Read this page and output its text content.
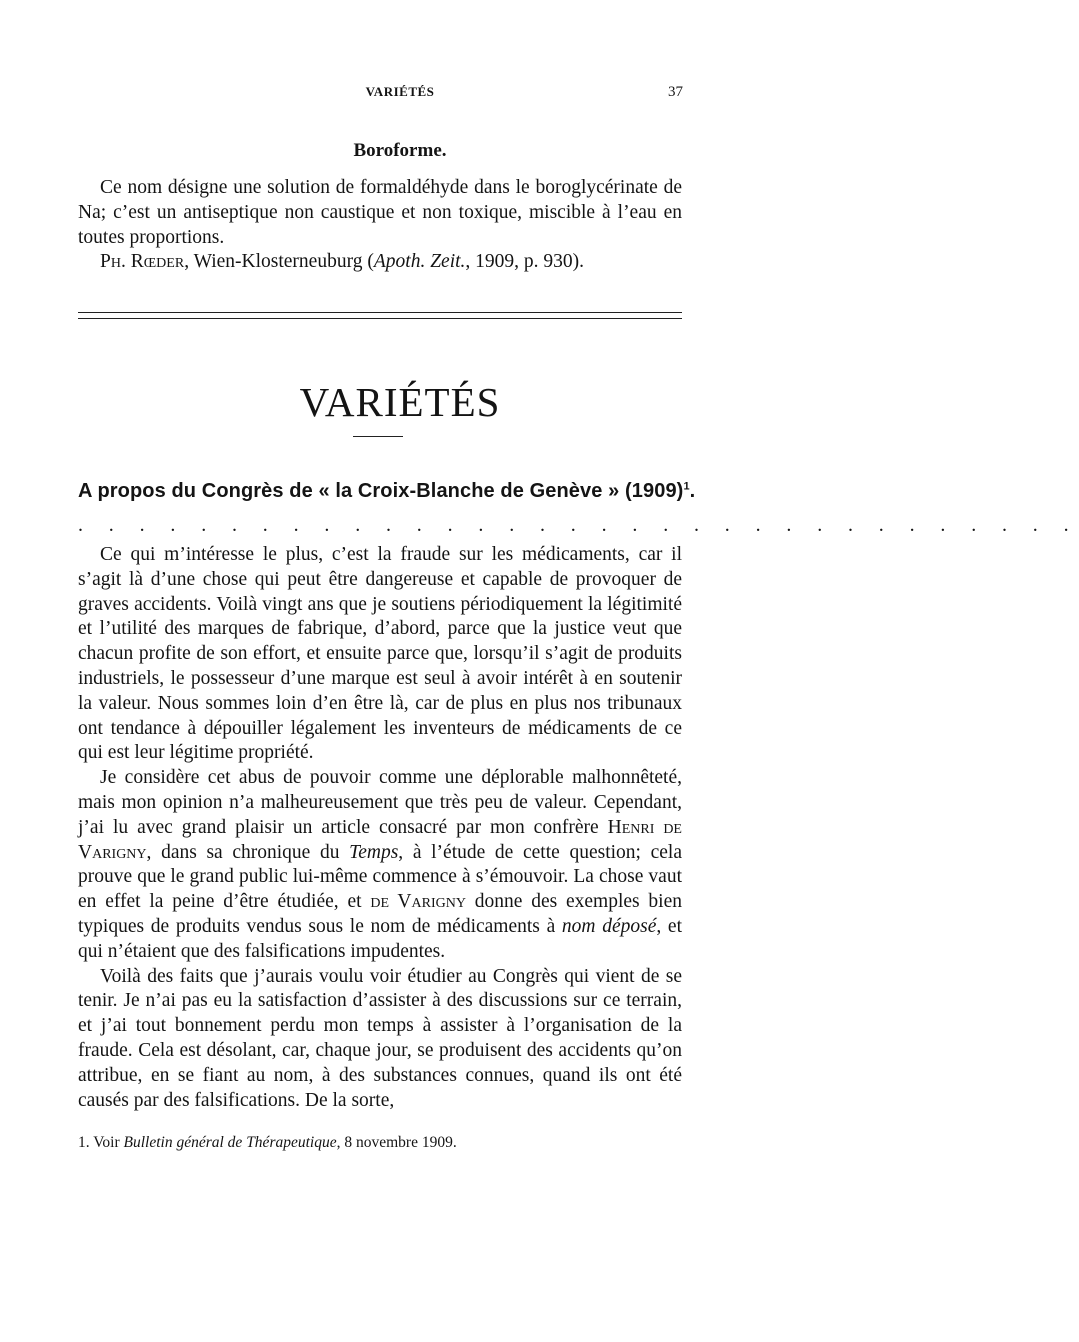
VARIÉTÉS	37
Boroforme.

Ce nom désigne une solution de formaldéhyde dans le boroglycérinate de Na; c’est un antiseptique non caustique et non toxique, miscible à l’eau en toutes proportions.

Ph. Rœder, Wien-Klosterneuburg (Apoth. Zeit., 1909, p. 930).

VARIÉTÉS
A propos du Congrès de « la Croix-Blanche de Genève » $(1909)^1$.
. . . . . . . . . . . . . . . . . . . . . . . . . . . . . . . . .

Ce qui m’intéresse le plus, c’est la fraude sur les médicaments, car il s’agit là d’une chose qui peut être dangereuse et capable de provoquer de graves accidents. Voilà vingt ans que je soutiens périodiquement la légitimité et l’utilité des marques de fabrique, d’abord, parce que la justice veut que chacun profite de son effort, et ensuite parce que, lorsqu’il s’agit de produits industriels, le possesseur d’une marque est seul à avoir intérêt à en soutenir la valeur. Nous sommes loin d’en être là, car de plus en plus nos tribunaux ont tendance à dépouiller légalement les inventeurs de médicaments de ce qui est leur légitime propriété.

Je considère cet abus de pouvoir comme une déplorable malhonnêteté, mais mon opinion n’a malheureusement que très peu de valeur. Cependant, j’ai lu avec grand plaisir un article consacré par mon confrère Henri de Varigny, dans sa chronique du Temps, à l’étude de cette question; cela prouve que le grand public lui-même commence à s’émouvoir. La chose vaut en effet la peine d’être étudiée, et de Varigny donne des exemples bien typiques de produits vendus sous le nom de médicaments à nom déposé, et qui n’étaient que des falsifications impudentes.

Voilà des faits que j’aurais voulu voir étudier au Congrès qui vient de se tenir. Je n’ai pas eu la satisfaction d’assister à des discussions sur ce terrain, et j’ai tout bonnement perdu mon temps à assister à l’organisation de la fraude. Cela est désolant, car, chaque jour, se produisent des accidents qu’on attribue, en se fiant au nom, à des substances connues, quand ils ont été causés par des falsifications. De la sorte,

1. Voir Bulletin général de Thérapeutique, 8 novembre 1909.
